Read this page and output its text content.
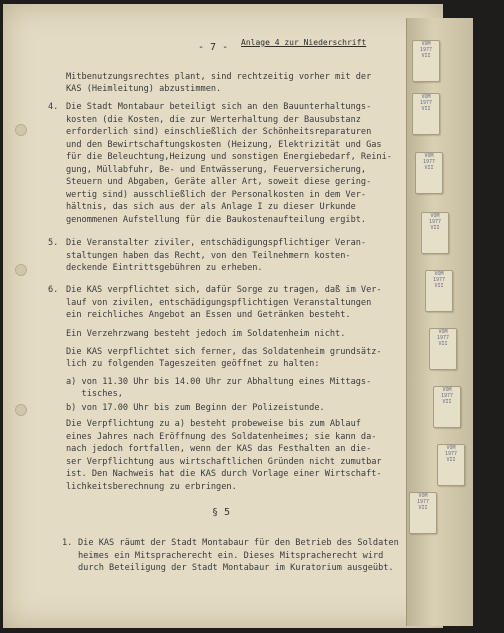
- 7 - Anlage 4 zur Niederschrift
Mitbenutzungsrechtes plant, sind rechtzeitig vorher mit der
KAS (Heimleitung) abzustimmen.
4. Die Stadt Montabaur beteiligt sich an den Bauunterhaltungs-
kosten (die Kosten, die zur Werterhaltung der Bausubstanz
erforderlich sind) einschließlich der Schönheitsreparaturen
und den Bewirtschaftungskosten (Heizung, Elektrizität und Gas
für die Beleuchtung,Heizung und sonstigen Energiebedarf, Reini-
gung, Müllabfuhr, Be- und Entwässerung, Feuerversicherung,
Steuern und Abgaben, Geräte aller Art, soweit diese gering-
wertig sind) ausschließlich der Personalkosten in dem Ver-
hältnis, das sich aus der als Anlage I zu dieser Urkunde
genommenen Aufstellung für die Baukostenaufteilung ergibt.
5. Die Veranstalter ziviler, entschädigungspflichtiger Veran-
staltungen haben das Recht, von den Teilnehmern kosten-
deckende Eintrittsgebühren zu erheben.
6. Die KAS verpflichtet sich, dafür Sorge zu tragen, daß im Ver-
lauf von zivilen, entschädigungspflichtigen Veranstaltungen
ein reichliches Angebot an Essen und Getränken besteht.
Ein Verzehrzwang besteht jedoch im Soldatenheim nicht.
Die KAS verpflichtet sich ferner, das Soldatenheim grundsätz-
lich zu folgenden Tageszeiten geöffnet zu halten:
a) von 11.30 Uhr bis 14.00 Uhr zur Abhaltung eines Mittags-
tisches,
b) von 17.00 Uhr bis zum Beginn der Polizeistunde.
Die Verpflichtung zu a) besteht probeweise bis zum Ablauf
eines Jahres nach Eröffnung des Soldatenheimes; sie kann da-
nach jedoch fortfallen, wenn der KAS das Festhalten an die-
ser Verpflichtung aus wirtschaftlichen Gründen nicht zumutbar
ist. Den Nachweis hat die KAS durch Vorlage einer Wirtschaft-
lichkeitsberechnung zu erbringen.
§ 5
1. Die KAS räumt der Stadt Montabaur für den Betrieb des Soldaten
heimes ein Mitspracherecht ein. Dieses Mitspracherecht wird
durch Beteiligung der Stadt Montabaur im Kuratorium ausgeübt.
VOM
1977
VII
VOM
1977
VII
VOM
1977
VII
VOM
1977
VII
VOM
1977
VII
VOM
1977
VII
VOM
1977
VII
VOM
1977
VII
VOM
1977
VII
